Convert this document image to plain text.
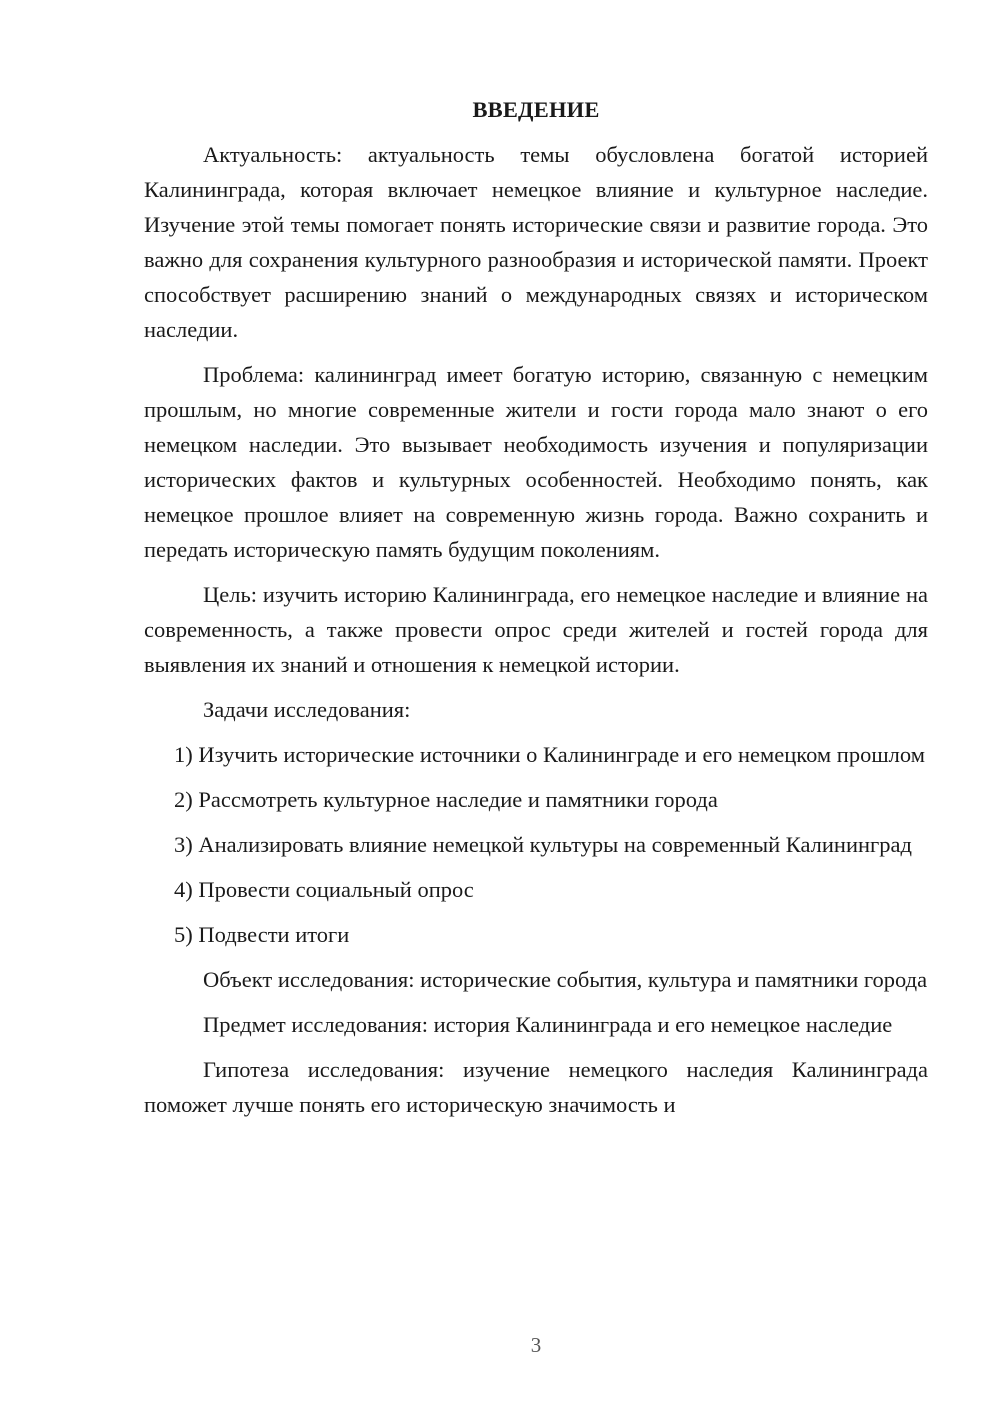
ВВЕДЕНИЕ

Актуальность: актуальность темы обусловлена богатой историей Калининграда, которая включает немецкое влияние и культурное наследие. Изучение этой темы помогает понять исторические связи и развитие города. Это важно для сохранения культурного разнообразия и исторической памяти. Проект способствует расширению знаний о международных связях и историческом наследии.

Проблема: калининград имеет богатую историю, связанную с немецким прошлым, но многие современные жители и гости города мало знают о его немецком наследии. Это вызывает необходимость изучения и популяризации исторических фактов и культурных особенностей. Необходимо понять, как немецкое прошлое влияет на современную жизнь города. Важно сохранить и передать историческую память будущим поколениям.

Цель: изучить историю Калининграда, его немецкое наследие и влияние на современность, а также провести опрос среди жителей и гостей города для выявления их знаний и отношения к немецкой истории.

Задачи исследования:

1) Изучить исторические источники о Калининграде и его немецком прошлом

2) Рассмотреть культурное наследие и памятники города

3) Анализировать влияние немецкой культуры на современный Калининград

4) Провести социальный опрос

5) Подвести итоги

Объект исследования: исторические события, культура и памятники города

Предмет исследования: история Калининграда и его немецкое наследие

Гипотеза исследования: изучение немецкого наследия Калининграда поможет лучше понять его историческую значимость и

3
